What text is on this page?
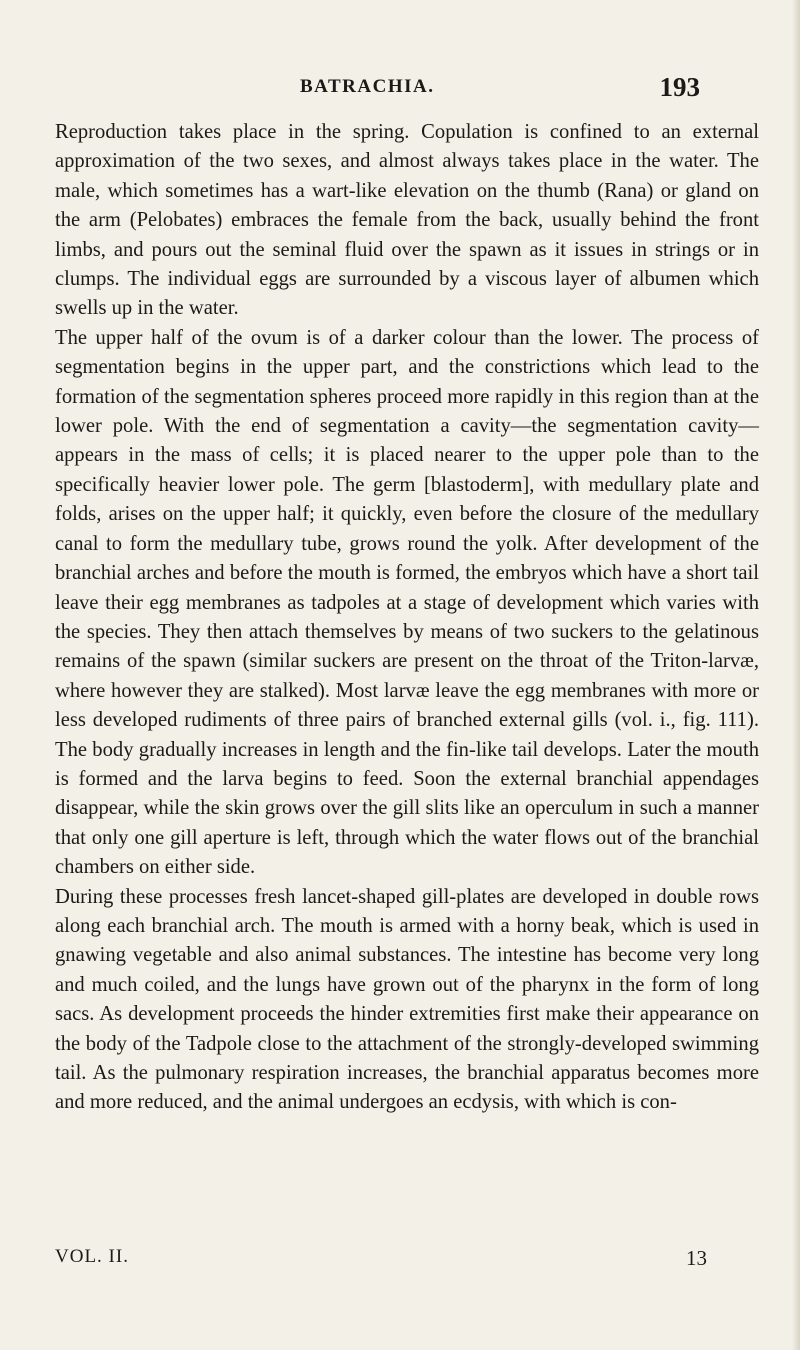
BATRACHIA.	193

Reproduction takes place in the spring. Copulation is confined to an external approximation of the two sexes, and almost always takes place in the water. The male, which sometimes has a wart-like elevation on the thumb (Rana) or gland on the arm (Pelobates) embraces the female from the back, usually behind the front limbs, and pours out the seminal fluid over the spawn as it issues in strings or in clumps. The individual eggs are surrounded by a viscous layer of albumen which swells up in the water.

The upper half of the ovum is of a darker colour than the lower. The process of segmentation begins in the upper part, and the constrictions which lead to the formation of the segmentation spheres proceed more rapidly in this region than at the lower pole. With the end of segmentation a cavity—the segmentation cavity—appears in the mass of cells; it is placed nearer to the upper pole than to the specifically heavier lower pole. The germ [blastoderm], with medullary plate and folds, arises on the upper half; it quickly, even before the closure of the medullary canal to form the medullary tube, grows round the yolk. After development of the branchial arches and before the mouth is formed, the embryos which have a short tail leave their egg membranes as tadpoles at a stage of development which varies with the species. They then attach themselves by means of two suckers to the gelatinous remains of the spawn (similar suckers are present on the throat of the Triton-larvæ, where however they are stalked). Most larvæ leave the egg membranes with more or less developed rudiments of three pairs of branched external gills (vol. i., fig. 111). The body gradually increases in length and the fin-like tail develops. Later the mouth is formed and the larva begins to feed. Soon the external branchial appendages disappear, while the skin grows over the gill slits like an operculum in such a manner that only one gill aperture is left, through which the water flows out of the branchial chambers on either side.

During these processes fresh lancet-shaped gill-plates are developed in double rows along each branchial arch. The mouth is armed with a horny beak, which is used in gnawing vegetable and also animal substances. The intestine has become very long and much coiled, and the lungs have grown out of the pharynx in the form of long sacs. As development proceeds the hinder extremities first make their appearance on the body of the Tadpole close to the attachment of the strongly-developed swimming tail. As the pulmonary respiration increases, the branchial apparatus becomes more and more reduced, and the animal undergoes an ecdysis, with which is con-

VOL. II.	13
